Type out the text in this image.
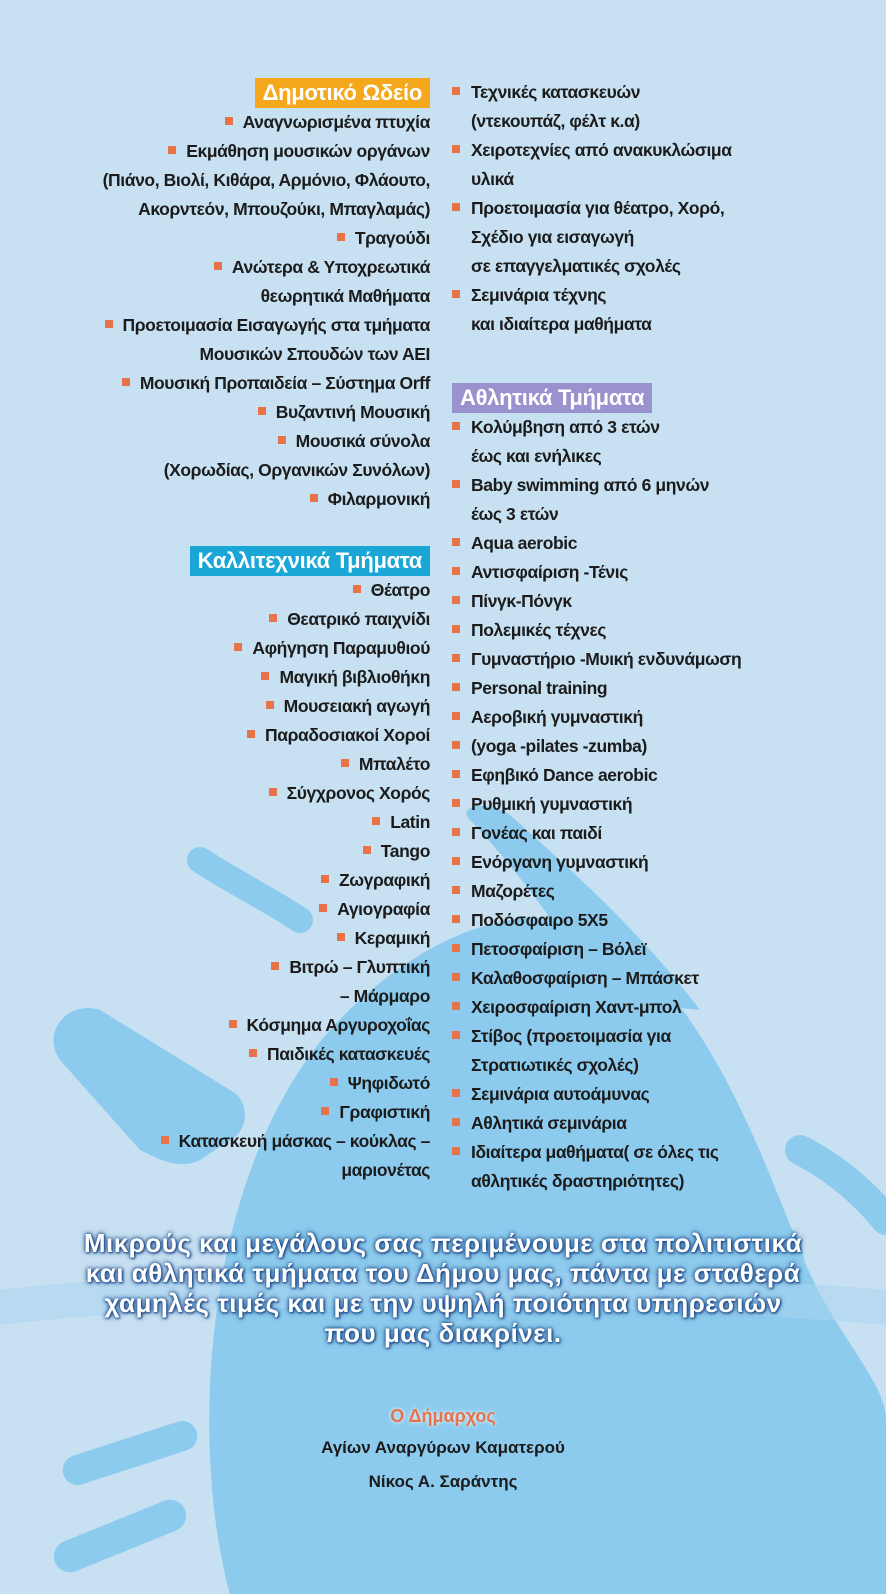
Δημοτικό Ωδείο
Αναγνωρισμένα πτυχία
Εκμάθηση μουσικών οργάνων
(Πιάνο, Βιολί, Κιθάρα, Αρμόνιο, Φλάουτο,
Ακορντεόν, Μπουζούκι, Μπαγλαμάς)
Τραγούδι
Ανώτερα & Υποχρεωτικά
θεωρητικά Μαθήματα
Προετοιμασία Εισαγωγής στα τμήματα
Μουσικών Σπουδών των ΑΕΙ
Μουσική Προπαιδεία – Σύστημα Orff
Βυζαντινή Μουσική
Μουσικά σύνολα
(Χορωδίας, Οργανικών Συνόλων)
Φιλαρμονική
Καλλιτεχνικά Τμήματα
Θέατρο
Θεατρικό παιχνίδι
Αφήγηση Παραμυθιού
Μαγική βιβλιοθήκη
Μουσειακή αγωγή
Παραδοσιακοί Χοροί
Μπαλέτο
Σύγχρονος Χορός
Latin
Tango
Ζωγραφική
Αγιογραφία
Κεραμική
Βιτρώ – Γλυπτική
– Μάρμαρο
Κόσμημα Αργυροχοΐας
Παιδικές κατασκευές
Ψηφιδωτό
Γραφιστική
Κατασκευή μάσκας – κούκλας –
μαριονέτας
Τεχνικές κατασκευών
(ντεκουπάζ, φέλτ κ.α)
Χειροτεχνίες από ανακυκλώσιμα
υλικά
Προετοιμασία για θέατρο, Χορό,
Σχέδιο για εισαγωγή
σε επαγγελματικές σχολές
Σεμινάρια τέχνης
και ιδιαίτερα μαθήματα
Αθλητικά Τμήματα
Κολύμβηση από 3 ετών
έως και ενήλικες
Baby swimming από 6 μηνών
έως 3 ετών
Aqua aerobic
Αντισφαίριση -Τένις
Πίνγκ-Πόνγκ
Πολεμικές τέχνες
Γυμναστήριο -Μυική ενδυνάμωση
Personal training
Αεροβική γυμναστική
(yoga -pilates -zumba)
Εφηβικό Dance aerobic
Ρυθμική γυμναστική
Γονέας και παιδί
Ενόργανη γυμναστική
Μαζορέτες
Ποδόσφαιρο 5Χ5
Πετοσφαίριση – Βόλεϊ
Καλαθοσφαίριση – Μπάσκετ
Χειροσφαίριση Χαντ-μπολ
Στίβος (προετοιμασία για
Στρατιωτικές σχολές)
Σεμινάρια αυτοάμυνας
Αθλητικά σεμινάρια
Ιδιαίτερα μαθήματα( σε όλες τις
αθλητικές δραστηριότητες)
Μικρούς και μεγάλους σας περιμένουμε στα πολιτιστικά
και αθλητικά τμήματα του Δήμου μας, πάντα με σταθερά
χαμηλές τιμές και με την υψηλή ποιότητα υπηρεσιών
που μας διακρίνει.
Ο Δήμαρχος
Αγίων Αναργύρων Καματερού
Νίκος Α. Σαράντης
